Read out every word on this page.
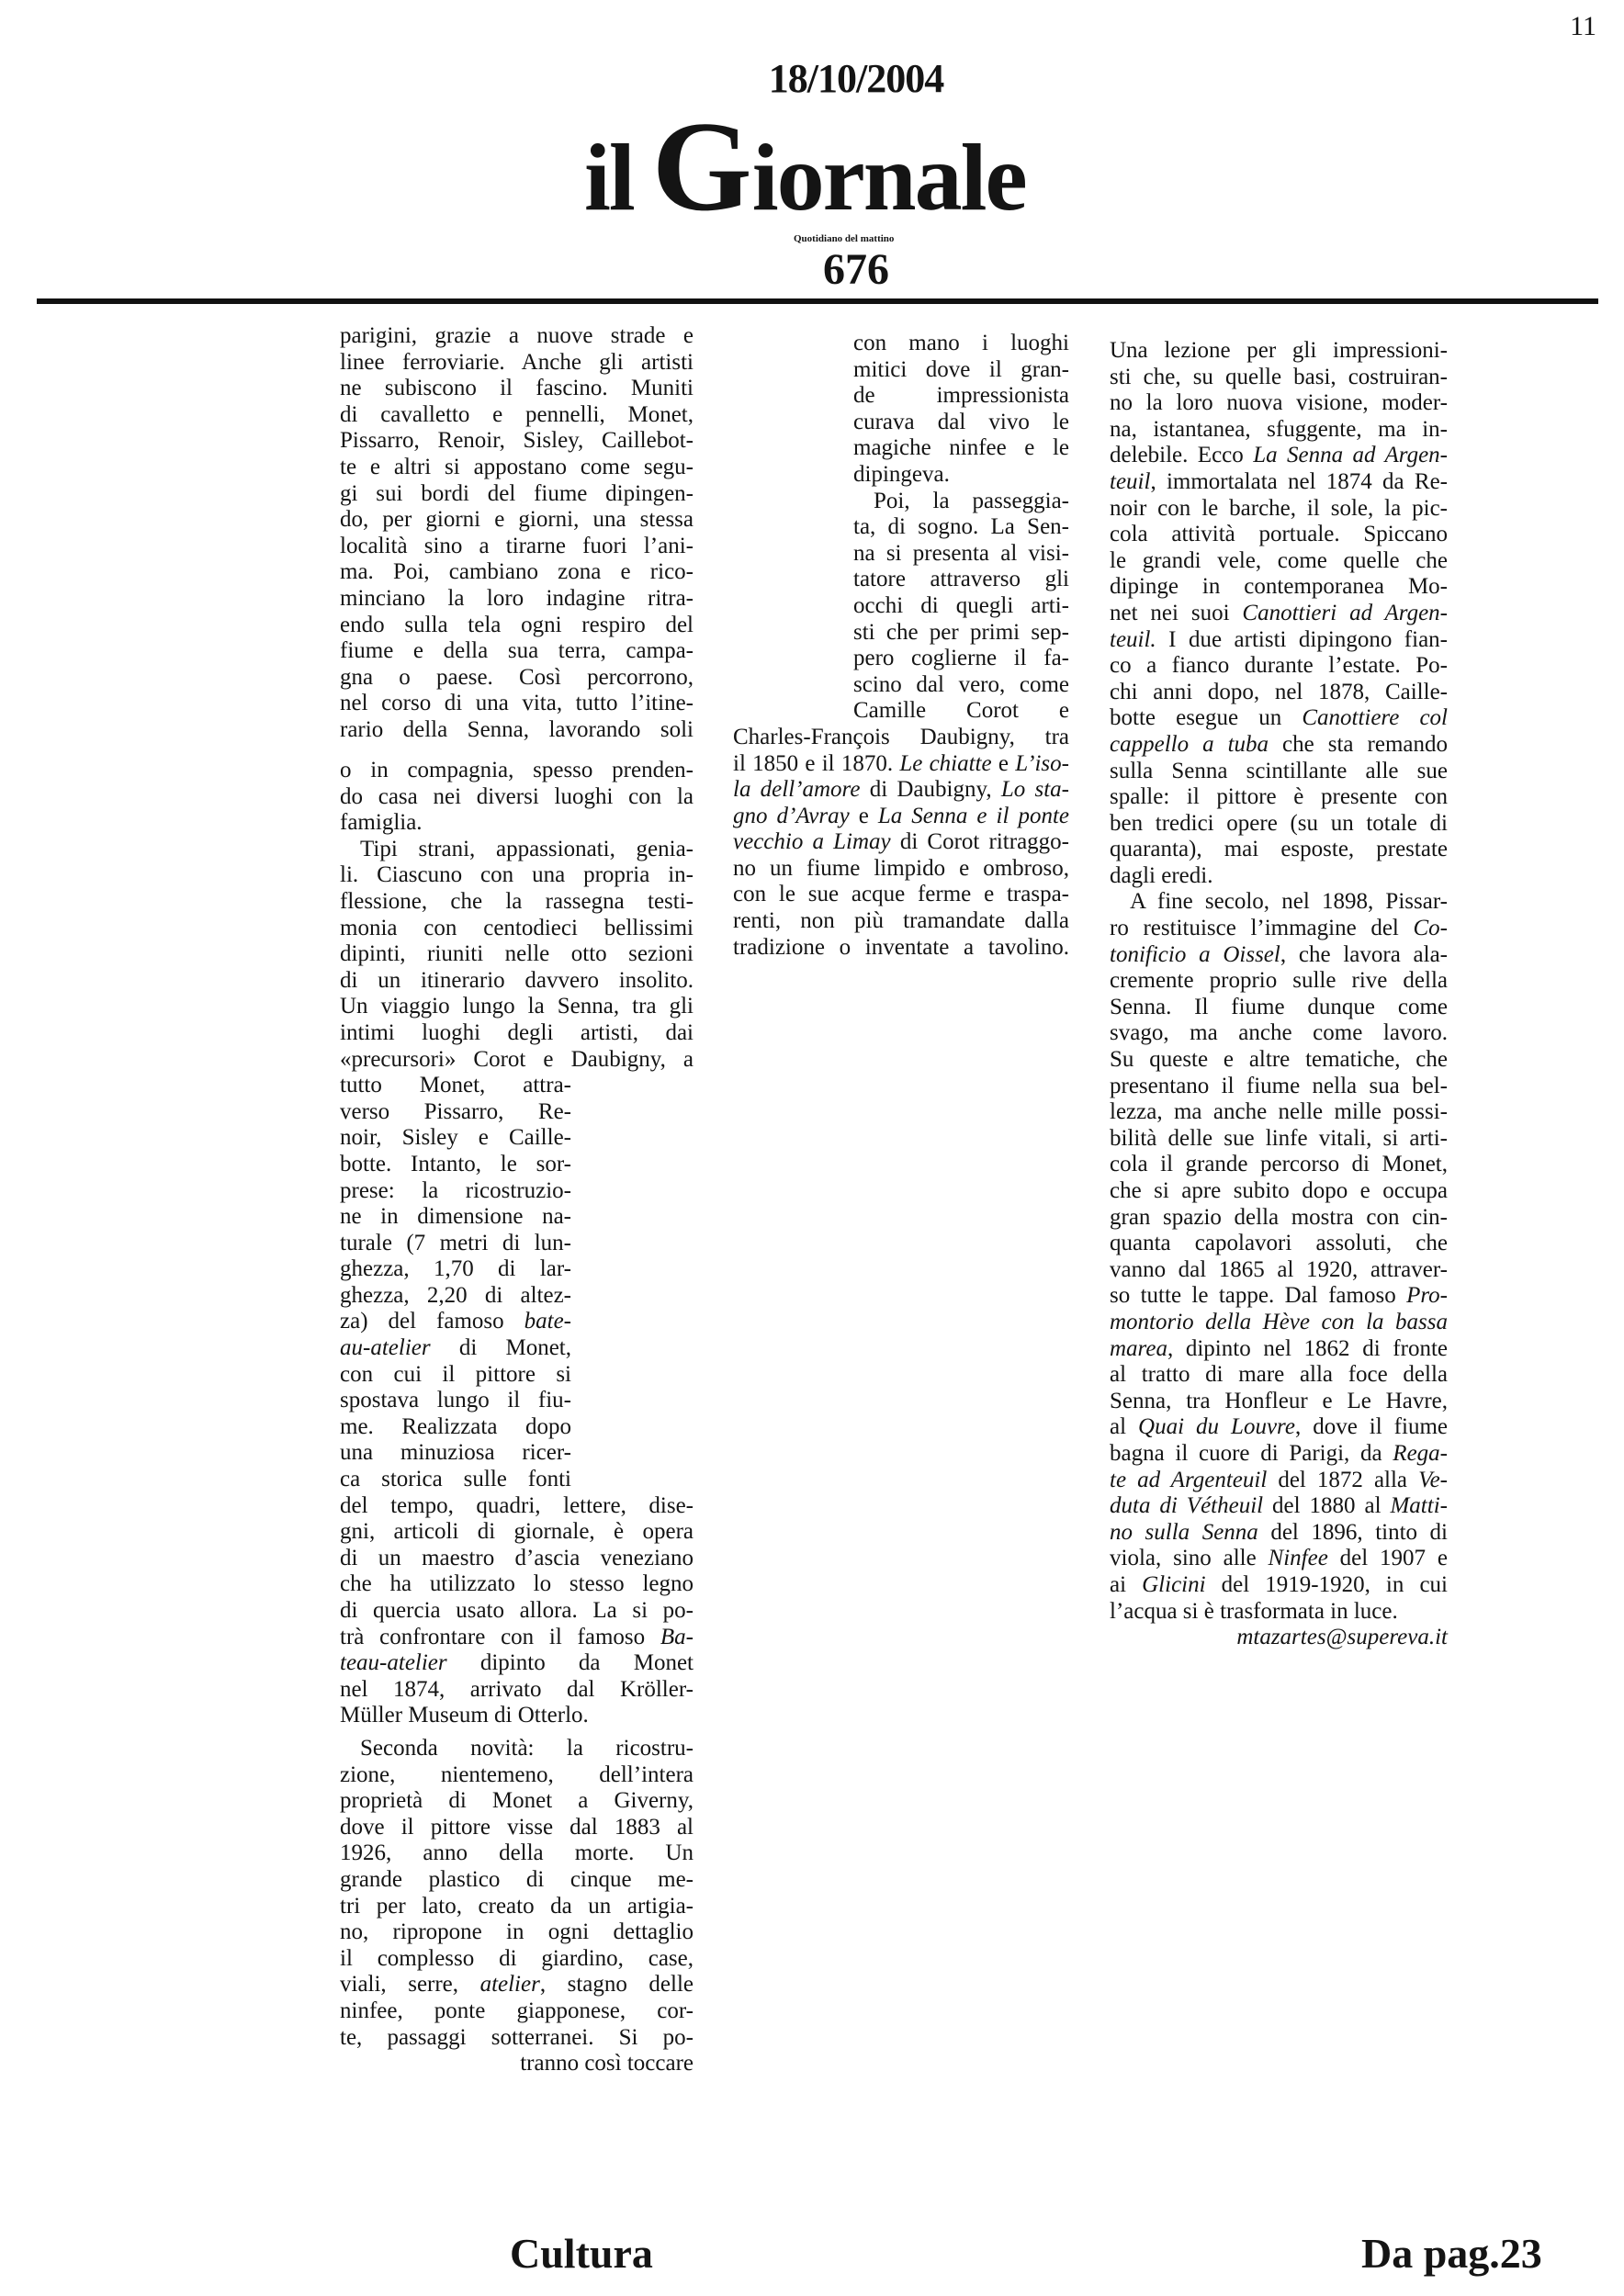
11
18/10/2004
il G iornale
Quotidiano del mattino
676
parigini, grazie a nuove strade e
linee ferroviarie. Anche gli artisti
ne subiscono il fascino. Muniti
di cavalletto e pennelli, Monet,
Pissarro, Renoir, Sisley, Caillebot-
te e altri si appostano come segu-
gi sui bordi del fiume dipingen-
do, per giorni e giorni, una stessa
località sino a tirarne fuori l’ani-
ma. Poi, cambiano zona e rico-
minciano la loro indagine ritra-
endo sulla tela ogni respiro del
fiume e della sua terra, campa-
gna o paese. Così percorrono,
nel corso di una vita, tutto l’itine-
rario della Senna, lavorando soli
o in compagnia, spesso prenden-
do casa nei diversi luoghi con la
famiglia.
Tipi strani, appassionati, genia-
li. Ciascuno con una propria in-
flessione, che la rassegna testi-
monia con centodieci bellissimi
dipinti, riuniti nelle otto sezioni
di un itinerario davvero insolito.
Un viaggio lungo la Senna, tra gli
intimi luoghi degli artisti, dai
«precursori» Corot e Daubigny, a
tutto Monet, attra-
verso Pissarro, Re-
noir, Sisley e Caille-
botte. Intanto, le sor-
prese: la ricostruzio-
ne in dimensione na-
turale (7 metri di lun-
ghezza, 1,70 di lar-
ghezza, 2,20 di altez-
za) del famoso bate-
au-atelier di Monet,
con cui il pittore si
spostava lungo il fiu-
me. Realizzata dopo
una minuziosa ricer-
ca storica sulle fonti
del tempo, quadri, lettere, dise-
gni, articoli di giornale, è opera
di un maestro d’ascia veneziano
che ha utilizzato lo stesso legno
di quercia usato allora. La si po-
trà confrontare con il famoso Ba-
teau-atelier dipinto da Monet
nel 1874, arrivato dal Kröller-
Müller Museum di Otterlo.
Seconda novità: la ricostru-
zione, nientemeno, dell’intera
proprietà di Monet a Giverny,
dove il pittore visse dal 1883 al
1926, anno della morte. Un
grande plastico di cinque me-
tri per lato, creato da un artigia-
no, ripropone in ogni dettaglio
il complesso di giardino, case,
viali, serre, atelier, stagno delle
ninfee, ponte giapponese, cor-
te, passaggi sotterranei. Si po-
tranno così toccare
con mano i luoghi
mitici dove il gran-
de impressionista
curava dal vivo le
magiche ninfee e le
dipingeva.
Poi, la passeggia-
ta, di sogno. La Sen-
na si presenta al visi-
tatore attraverso gli
occhi di quegli arti-
sti che per primi sep-
pero coglierne il fa-
scino dal vero, come
Camille Corot e
Charles-François Daubigny, tra
il 1850 e il 1870. Le chiatte e L’iso-
la dell’amore di Daubigny, Lo sta-
gno d’Avray e La Senna e il ponte
vecchio a Limay di Corot ritraggo-
no un fiume limpido e ombroso,
con le sue acque ferme e traspa-
renti, non più tramandate dalla
tradizione o inventate a tavolino.
Una lezione per gli impressioni-
sti che, su quelle basi, costruiran-
no la loro nuova visione, moder-
na, istantanea, sfuggente, ma in-
delebile. Ecco La Senna ad Argen-
teuil, immortalata nel 1874 da Re-
noir con le barche, il sole, la pic-
cola attività portuale. Spiccano
le grandi vele, come quelle che
dipinge in contemporanea Mo-
net nei suoi Canottieri ad Argen-
teuil. I due artisti dipingono fian-
co a fianco durante l’estate. Po-
chi anni dopo, nel 1878, Caille-
botte esegue un Canottiere col
cappello a tuba che sta remando
sulla Senna scintillante alle sue
spalle: il pittore è presente con
ben tredici opere (su un totale di
quaranta), mai esposte, prestate
dagli eredi.
A fine secolo, nel 1898, Pissar-
ro restituisce l’immagine del Co-
tonificio a Oissel, che lavora ala-
cremente proprio sulle rive della
Senna. Il fiume dunque come
svago, ma anche come lavoro.
Su queste e altre tematiche, che
presentano il fiume nella sua bel-
lezza, ma anche nelle mille possi-
bilità delle sue linfe vitali, si arti-
cola il grande percorso di Monet,
che si apre subito dopo e occupa
gran spazio della mostra con cin-
quanta capolavori assoluti, che
vanno dal 1865 al 1920, attraver-
so tutte le tappe. Dal famoso Pro-
montorio della Hève con la bassa
marea, dipinto nel 1862 di fronte
al tratto di mare alla foce della
Senna, tra Honfleur e Le Havre,
al Quai du Louvre, dove il fiume
bagna il cuore di Parigi, da Rega-
te ad Argenteuil del 1872 alla Ve-
duta di Vétheuil del 1880 al Matti-
no sulla Senna del 1896, tinto di
viola, sino alle Ninfee del 1907 e
ai Glicini del 1919-1920, in cui
l’acqua si è trasformata in luce.
mtazartes@supereva.it
Cultura	Da pag.23
